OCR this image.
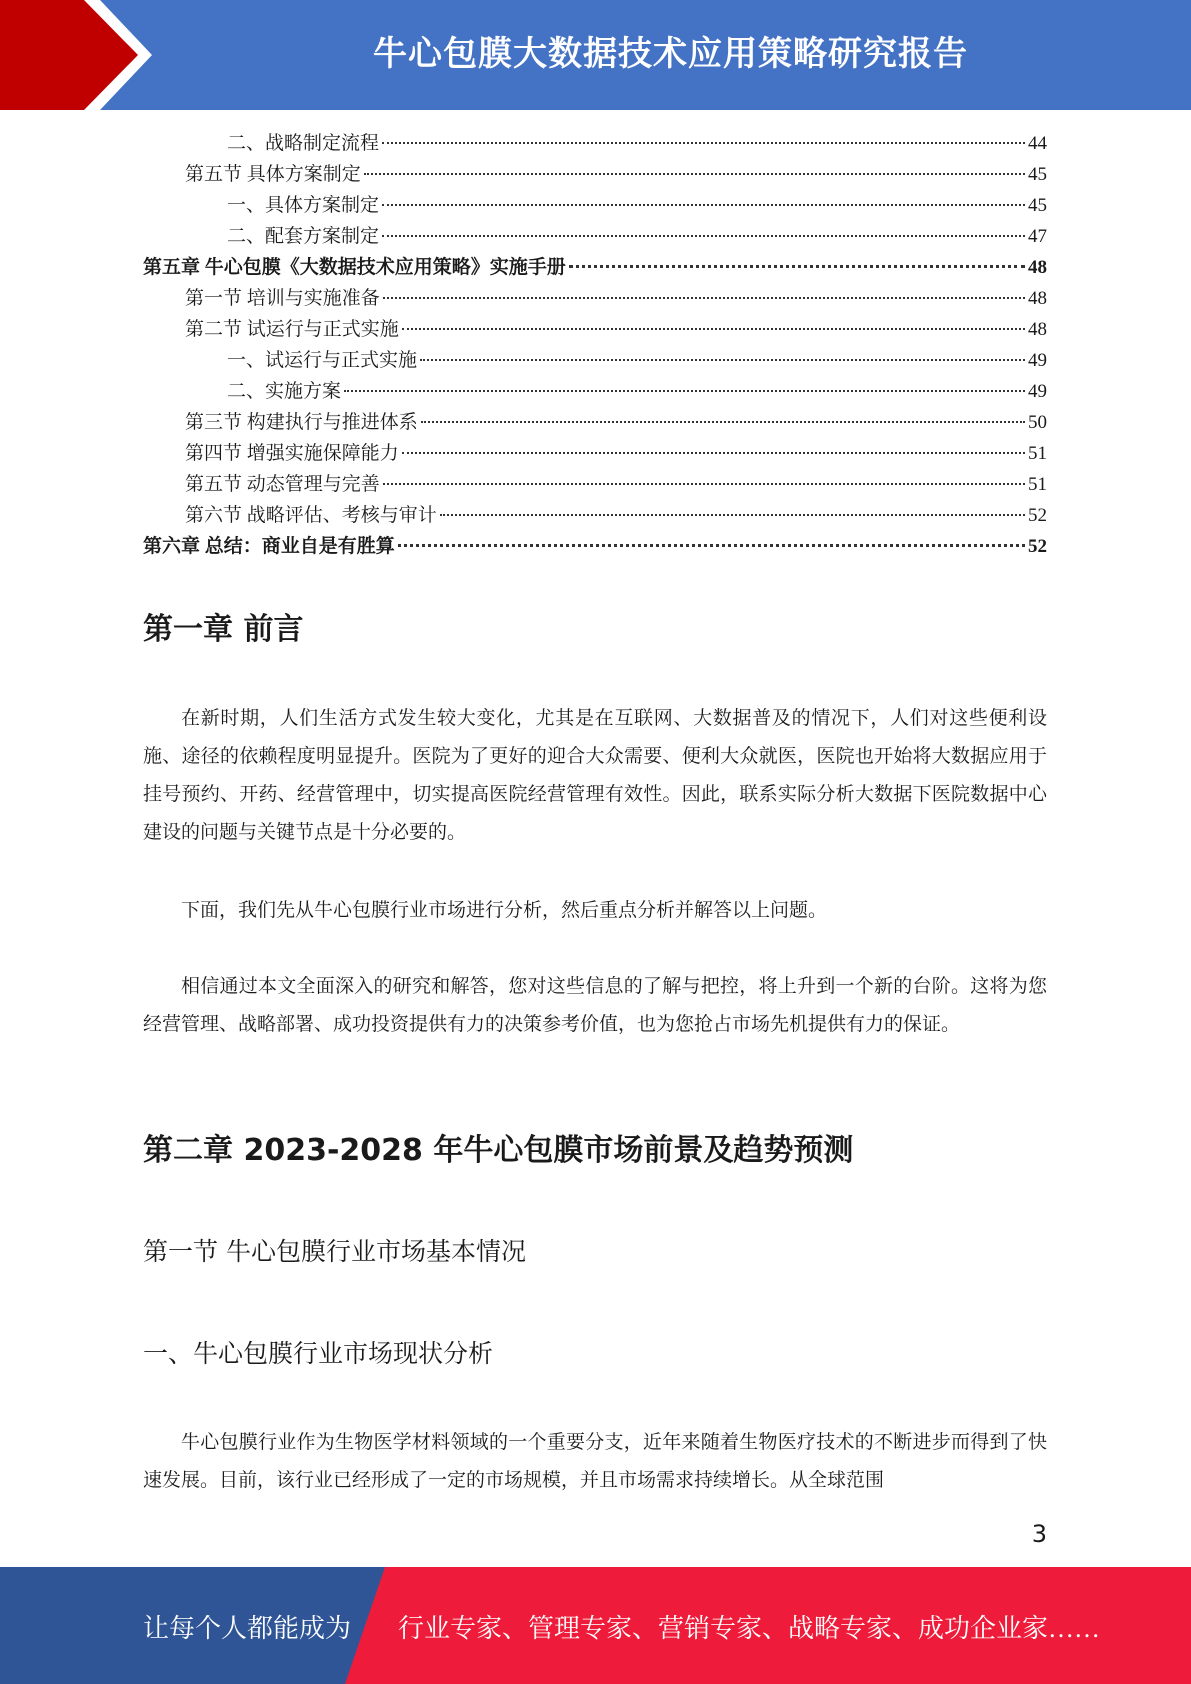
牛心包膜大数据技术应用策略研究报告
二、战略制定流程	44
第五节 具体方案制定	45
一、具体方案制定	45
二、配套方案制定	47
第五章 牛心包膜《大数据技术应用策略》实施手册	48
第一节 培训与实施准备	48
第二节 试运行与正式实施	48
一、试运行与正式实施	49
二、实施方案	49
第三节 构建执行与推进体系	50
第四节 增强实施保障能力	51
第五节 动态管理与完善	51
第六节 战略评估、考核与审计	52
第六章 总结：商业自是有胜算	52
第一章 前言

在新时期，人们生活方式发生较大变化，尤其是在互联网、大数据普及的情况下，人们对这些便利设施、途径的依赖程度明显提升。医院为了更好的迎合大众需要、便利大众就医，医院也开始将大数据应用于挂号预约、开药、经营管理中，切实提高医院经营管理有效性。因此，联系实际分析大数据下医院数据中心建设的问题与关键节点是十分必要的。

下面，我们先从牛心包膜行业市场进行分析，然后重点分析并解答以上问题。

相信通过本文全面深入的研究和解答，您对这些信息的了解与把控，将上升到一个新的台阶。这将为您经营管理、战略部署、成功投资提供有力的决策参考价值，也为您抢占市场先机提供有力的保证。

第二章 2023-2028 年牛心包膜市场前景及趋势预测
第一节 牛心包膜行业市场基本情况
一、牛心包膜行业市场现状分析

牛心包膜行业作为生物医学材料领域的一个重要分支，近年来随着生物医疗技术的不断进步而得到了快速发展。目前，该行业已经形成了一定的市场规模，并且市场需求持续增长。从全球范围

3
让每个人都能成为 行业专家、管理专家、营销专家、战略专家、成功企业家……
